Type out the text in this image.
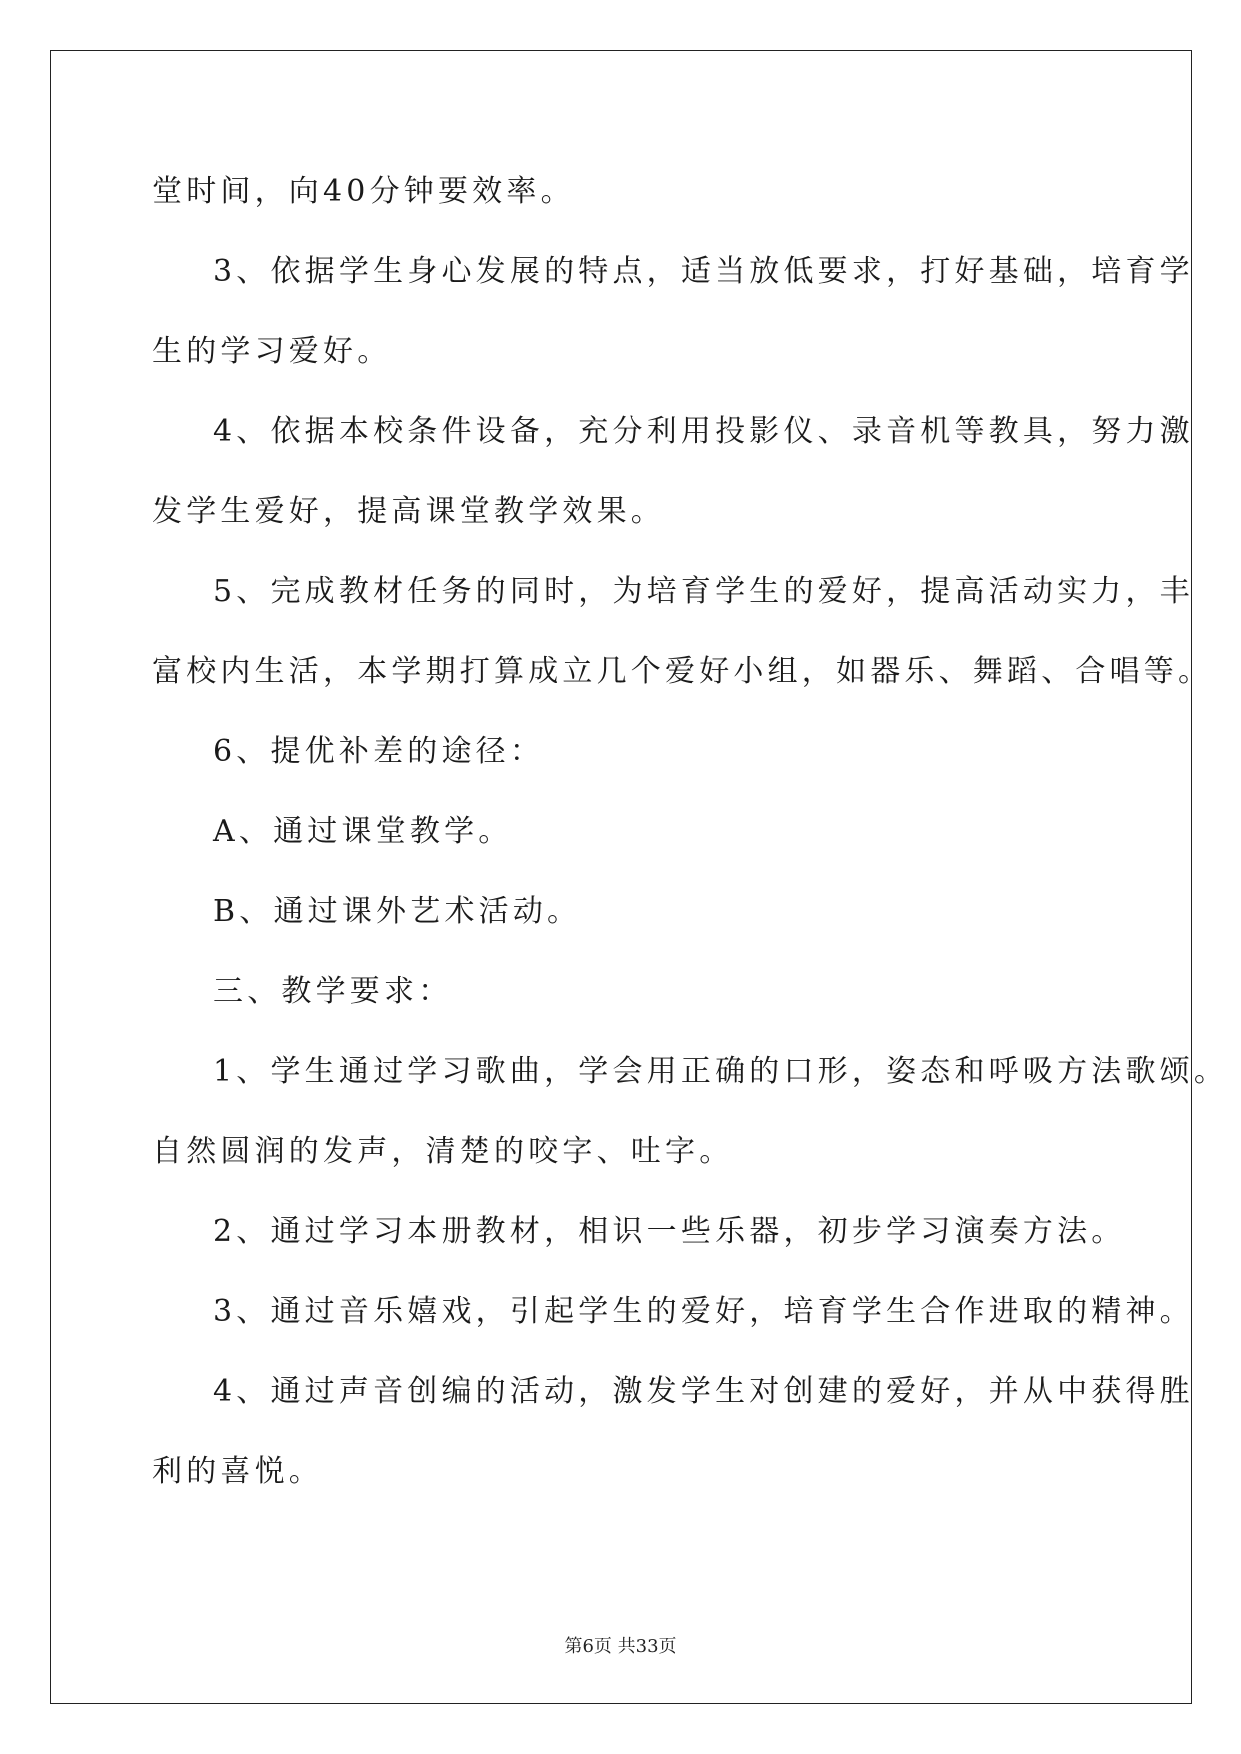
堂时间，向40分钟要效率。
3、依据学生身心发展的特点，适当放低要求，打好基础，培育学
生的学习爱好。
4、依据本校条件设备，充分利用投影仪、录音机等教具，努力激
发学生爱好，提高课堂教学效果。
5、完成教材任务的同时，为培育学生的爱好，提高活动实力，丰
富校内生活，本学期打算成立几个爱好小组，如器乐、舞蹈、合唱等。
6、提优补差的途径：
A、通过课堂教学。
B、通过课外艺术活动。
三、教学要求：
1、学生通过学习歌曲，学会用正确的口形，姿态和呼吸方法歌颂。
自然圆润的发声，清楚的咬字、吐字。
2、通过学习本册教材，相识一些乐器，初步学习演奏方法。
3、通过音乐嬉戏，引起学生的爱好，培育学生合作进取的精神。
4、通过声音创编的活动，激发学生对创建的爱好，并从中获得胜
利的喜悦。
第6页 共33页
